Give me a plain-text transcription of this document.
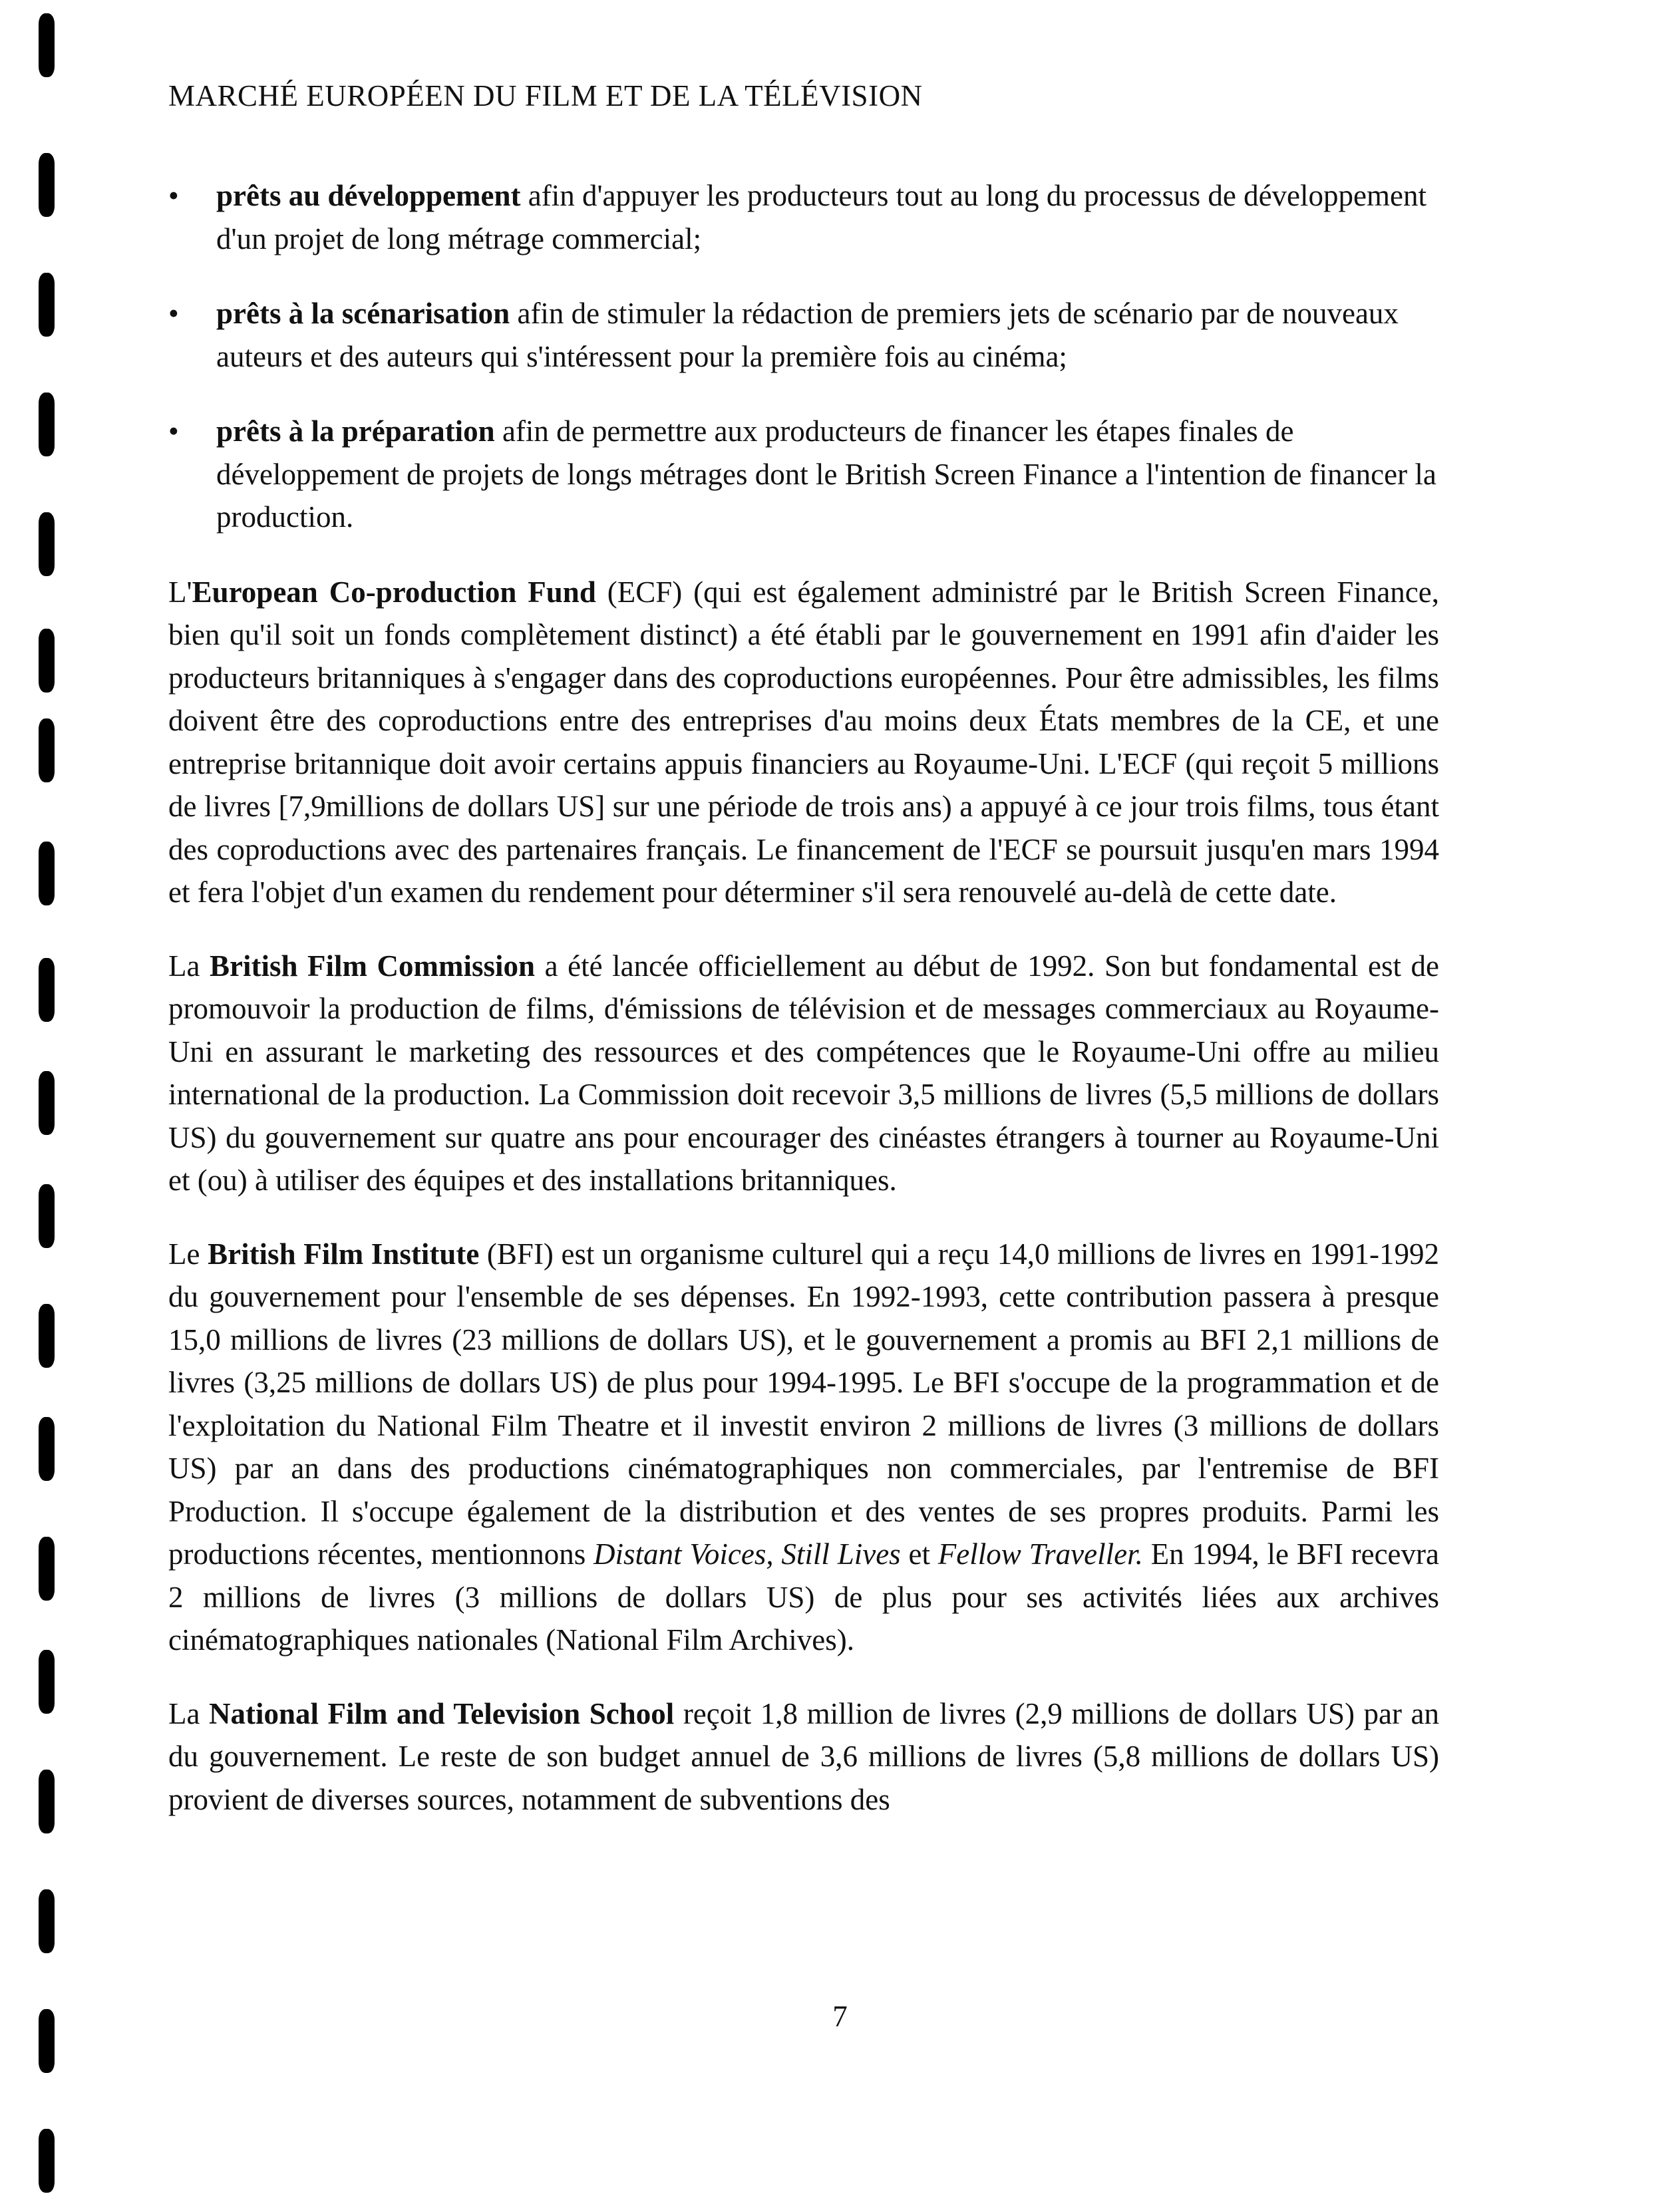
MARCHÉ EUROPÉEN DU FILM ET DE LA TÉLÉVISION
• prêts au développement afin d'appuyer les producteurs tout au long du processus de développement d'un projet de long métrage commercial;
• prêts à la scénarisation afin de stimuler la rédaction de premiers jets de scénario par de nouveaux auteurs et des auteurs qui s'intéressent pour la première fois au cinéma;
• prêts à la préparation afin de permettre aux producteurs de financer les étapes finales de développement de projets de longs métrages dont le British Screen Finance a l'intention de financer la production.

L'European Co-production Fund (ECF) (qui est également administré par le British Screen Finance, bien qu'il soit un fonds complètement distinct) a été établi par le gouvernement en 1991 afin d'aider les producteurs britanniques à s'engager dans des coproductions européennes. Pour être admissibles, les films doivent être des coproductions entre des entreprises d'au moins deux États membres de la CE, et une entreprise britannique doit avoir certains appuis financiers au Royaume-Uni. L'ECF (qui reçoit 5 millions de livres [7,9millions de dollars US] sur une période de trois ans) a appuyé à ce jour trois films, tous étant des coproductions avec des partenaires français. Le financement de l'ECF se poursuit jusqu'en mars 1994 et fera l'objet d'un examen du rendement pour déterminer s'il sera renouvelé au-delà de cette date.

La British Film Commission a été lancée officiellement au début de 1992. Son but fondamental est de promouvoir la production de films, d'émissions de télévision et de messages commerciaux au Royaume-Uni en assurant le marketing des ressources et des compétences que le Royaume-Uni offre au milieu international de la production. La Commission doit recevoir 3,5 millions de livres (5,5 millions de dollars US) du gouvernement sur quatre ans pour encourager des cinéastes étrangers à tourner au Royaume-Uni et (ou) à utiliser des équipes et des installations britanniques.

Le British Film Institute (BFI) est un organisme culturel qui a reçu 14,0 millions de livres en 1991-1992 du gouvernement pour l'ensemble de ses dépenses. En 1992-1993, cette contribution passera à presque 15,0 millions de livres (23 millions de dollars US), et le gouvernement a promis au BFI 2,1 millions de livres (3,25 millions de dollars US) de plus pour 1994-1995. Le BFI s'occupe de la programmation et de l'exploitation du National Film Theatre et il investit environ 2 millions de livres (3 millions de dollars US) par an dans des productions cinématographiques non commerciales, par l'entremise de BFI Production. Il s'occupe également de la distribution et des ventes de ses propres produits. Parmi les productions récentes, mentionnons Distant Voices, Still Lives et Fellow Traveller. En 1994, le BFI recevra 2 millions de livres (3 millions de dollars US) de plus pour ses activités liées aux archives cinématographiques nationales (National Film Archives).

La National Film and Television School reçoit 1,8 million de livres (2,9 millions de dollars US) par an du gouvernement. Le reste de son budget annuel de 3,6 millions de livres (5,8 millions de dollars US) provient de diverses sources, notamment de subventions des

7
